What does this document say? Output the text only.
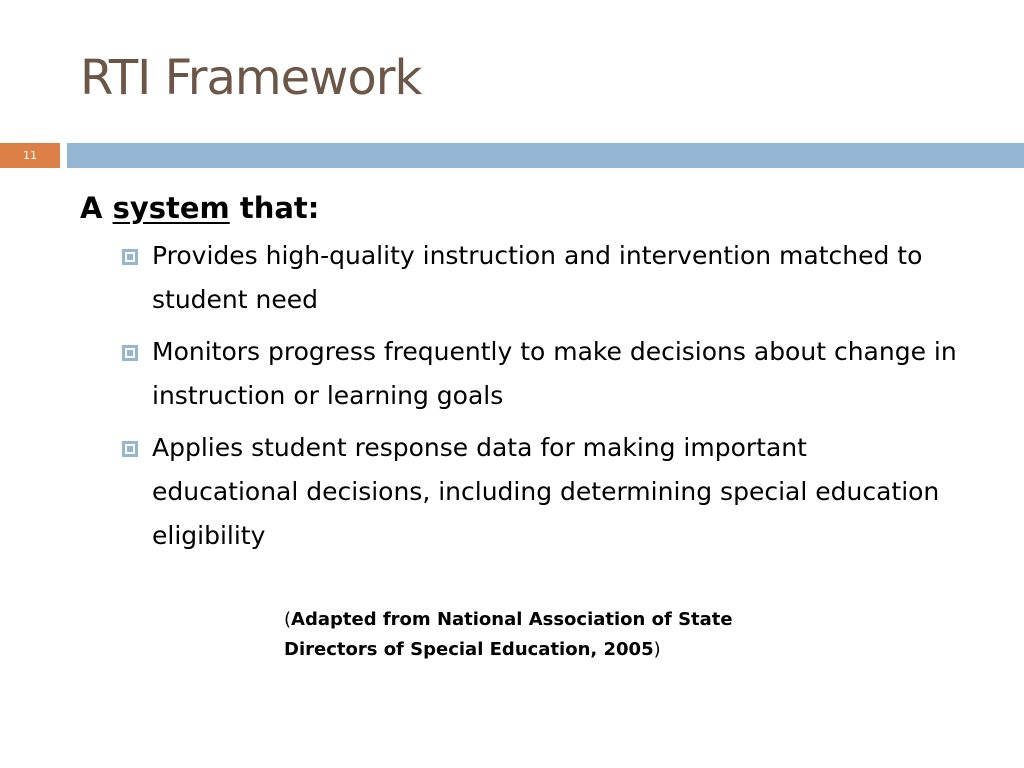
RTI Framework
11

A system that:

Provides high-quality instruction and intervention matched to student need
Monitors progress frequently to make decisions about change in instruction or learning goals
Applies student response data for making important educational decisions, including determining special education eligibility
(Adapted from National Association of State Directors of Special Education, 2005)
